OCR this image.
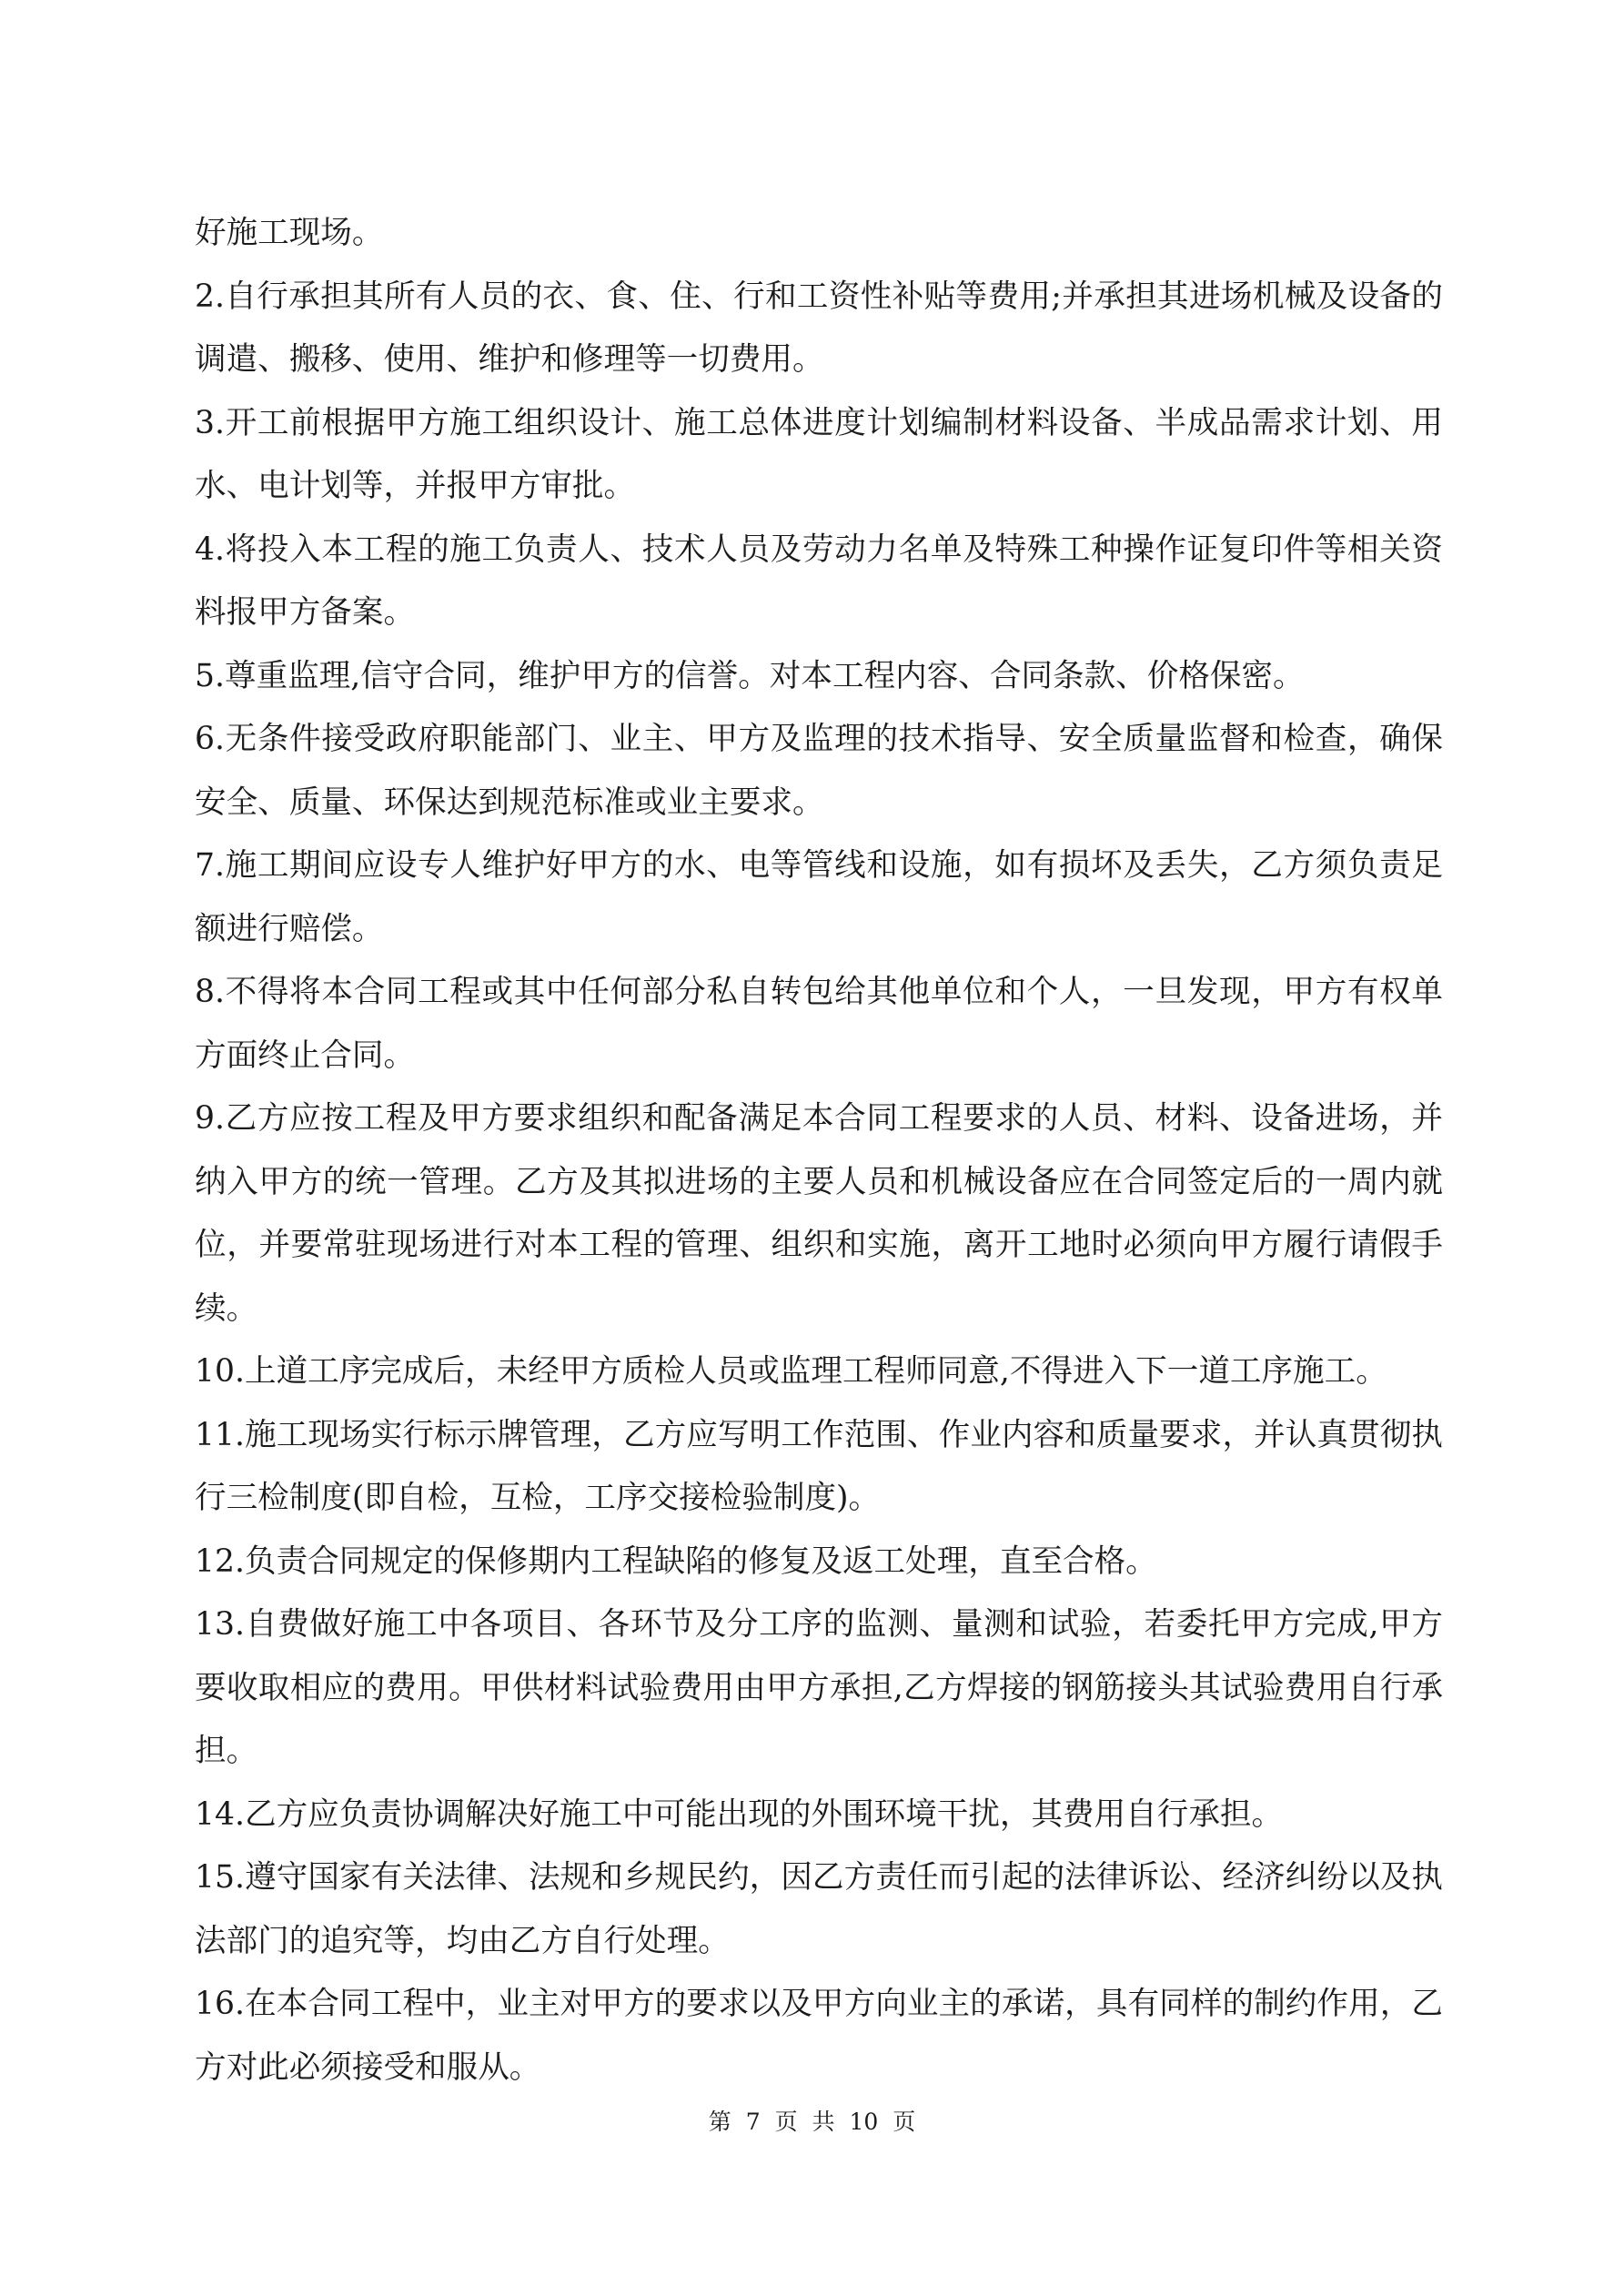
好施工现场。

2.自行承担其所有人员的衣、食、住、行和工资性补贴等费用;并承担其进场机械及设备的调遣、搬移、使用、维护和修理等一切费用。

3.开工前根据甲方施工组织设计、施工总体进度计划编制材料设备、半成品需求计划、用水、电计划等，并报甲方审批。

4.将投入本工程的施工负责人、技术人员及劳动力名单及特殊工种操作证复印件等相关资料报甲方备案。

5.尊重监理,信守合同，维护甲方的信誉。对本工程内容、合同条款、价格保密。

6.无条件接受政府职能部门、业主、甲方及监理的技术指导、安全质量监督和检查，确保安全、质量、环保达到规范标准或业主要求。

7.施工期间应设专人维护好甲方的水、电等管线和设施，如有损坏及丢失，乙方须负责足额进行赔偿。

8.不得将本合同工程或其中任何部分私自转包给其他单位和个人，一旦发现，甲方有权单方面终止合同。

9.乙方应按工程及甲方要求组织和配备满足本合同工程要求的人员、材料、设备进场，并纳入甲方的统一管理。乙方及其拟进场的主要人员和机械设备应在合同签定后的一周内就位，并要常驻现场进行对本工程的管理、组织和实施，离开工地时必须向甲方履行请假手续。

10.上道工序完成后，未经甲方质检人员或监理工程师同意,不得进入下一道工序施工。

11.施工现场实行标示牌管理，乙方应写明工作范围、作业内容和质量要求，并认真贯彻执行三检制度(即自检，互检，工序交接检验制度)。

12.负责合同规定的保修期内工程缺陷的修复及返工处理，直至合格。

13.自费做好施工中各项目、各环节及分工序的监测、量测和试验，若委托甲方完成,甲方要收取相应的费用。甲供材料试验费用由甲方承担,乙方焊接的钢筋接头其试验费用自行承担。

14.乙方应负责协调解决好施工中可能出现的外围环境干扰，其费用自行承担。

15.遵守国家有关法律、法规和乡规民约，因乙方责任而引起的法律诉讼、经济纠纷以及执法部门的追究等，均由乙方自行处理。

16.在本合同工程中，业主对甲方的要求以及甲方向业主的承诺，具有同样的制约作用，乙方对此必须接受和服从。

第 7 页 共 10 页
